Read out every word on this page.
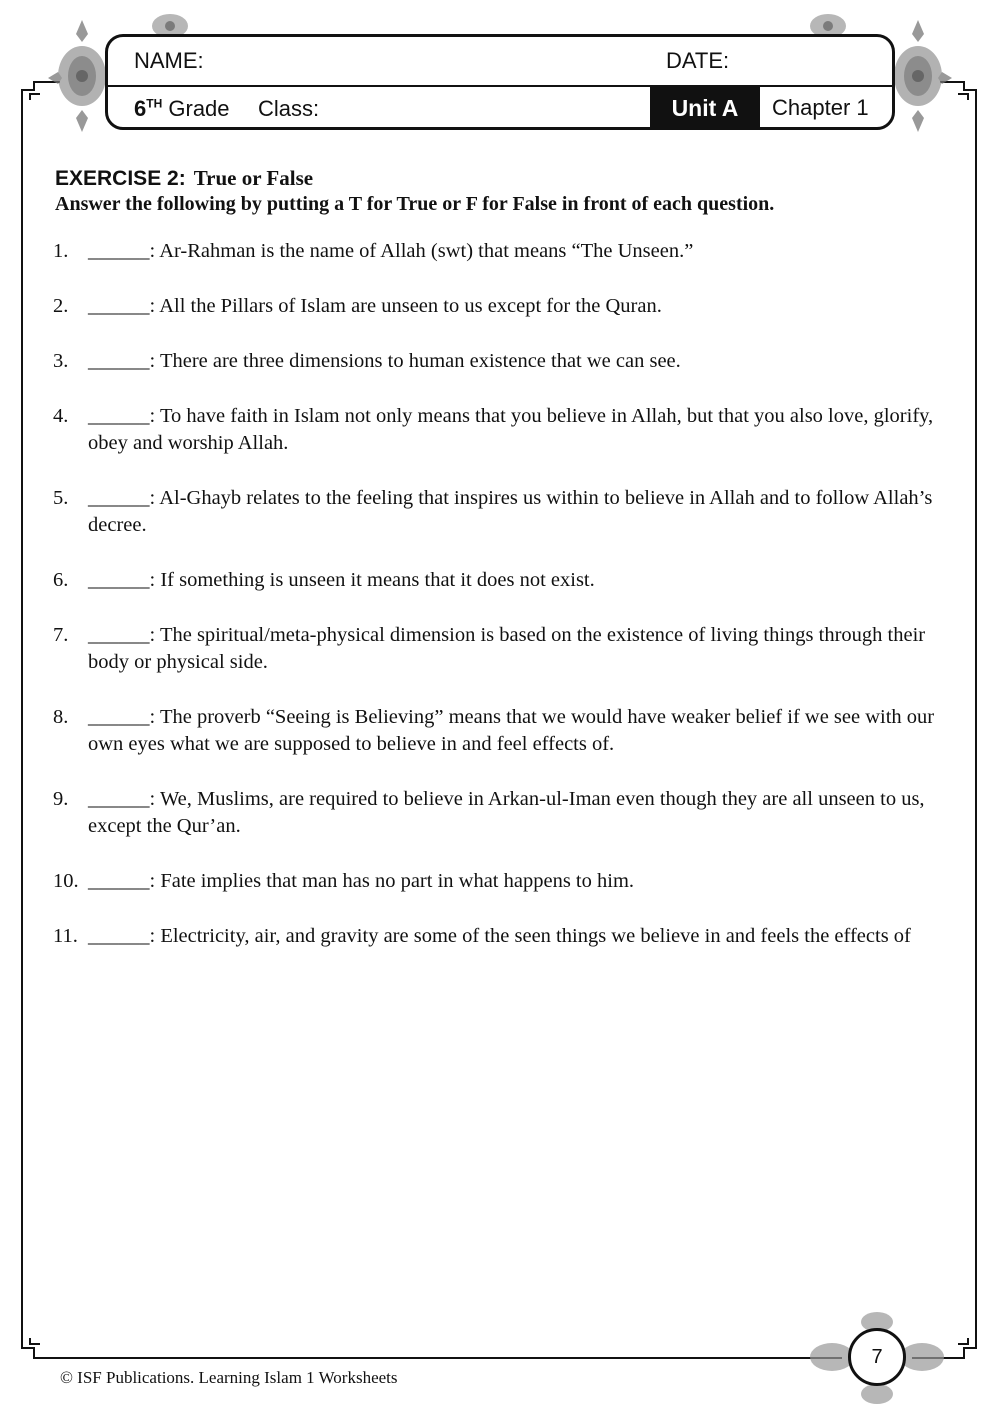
NAME:	DATE:
6TH Grade Class:	Unit A	Chapter 1
EXERCISE 2: True or False
Answer the following by putting a T for True or F for False in front of each question.
1. ______: Ar-Rahman is the name of Allah (swt) that means “The Unseen.”
2. ______: All the Pillars of Islam are unseen to us except for the Quran.
3. ______: There are three dimensions to human existence that we can see.
4. ______: To have faith in Islam not only means that you believe in Allah, but that you also love, glorify, obey and worship Allah.
5. ______: Al-Ghayb relates to the feeling that inspires us within to believe in Allah and to follow Allah’s decree.
6. ______: If something is unseen it means that it does not exist.
7. ______: The spiritual/meta-physical dimension is based on the existence of living things through their body or physical side.
8. ______: The proverb “Seeing is Believing” means that we would have weaker belief if we see with our own eyes what we are supposed to believe in and feel effects of.
9. ______: We, Muslims, are required to believe in Arkan-ul-Iman even though they are all unseen to us, except the Qur’an.
10. ______: Fate implies that man has no part in what happens to him.
11. ______: Electricity, air, and gravity are some of the seen things we believe in and feels the effects of
7
© ISF Publications. Learning Islam 1 Worksheets
